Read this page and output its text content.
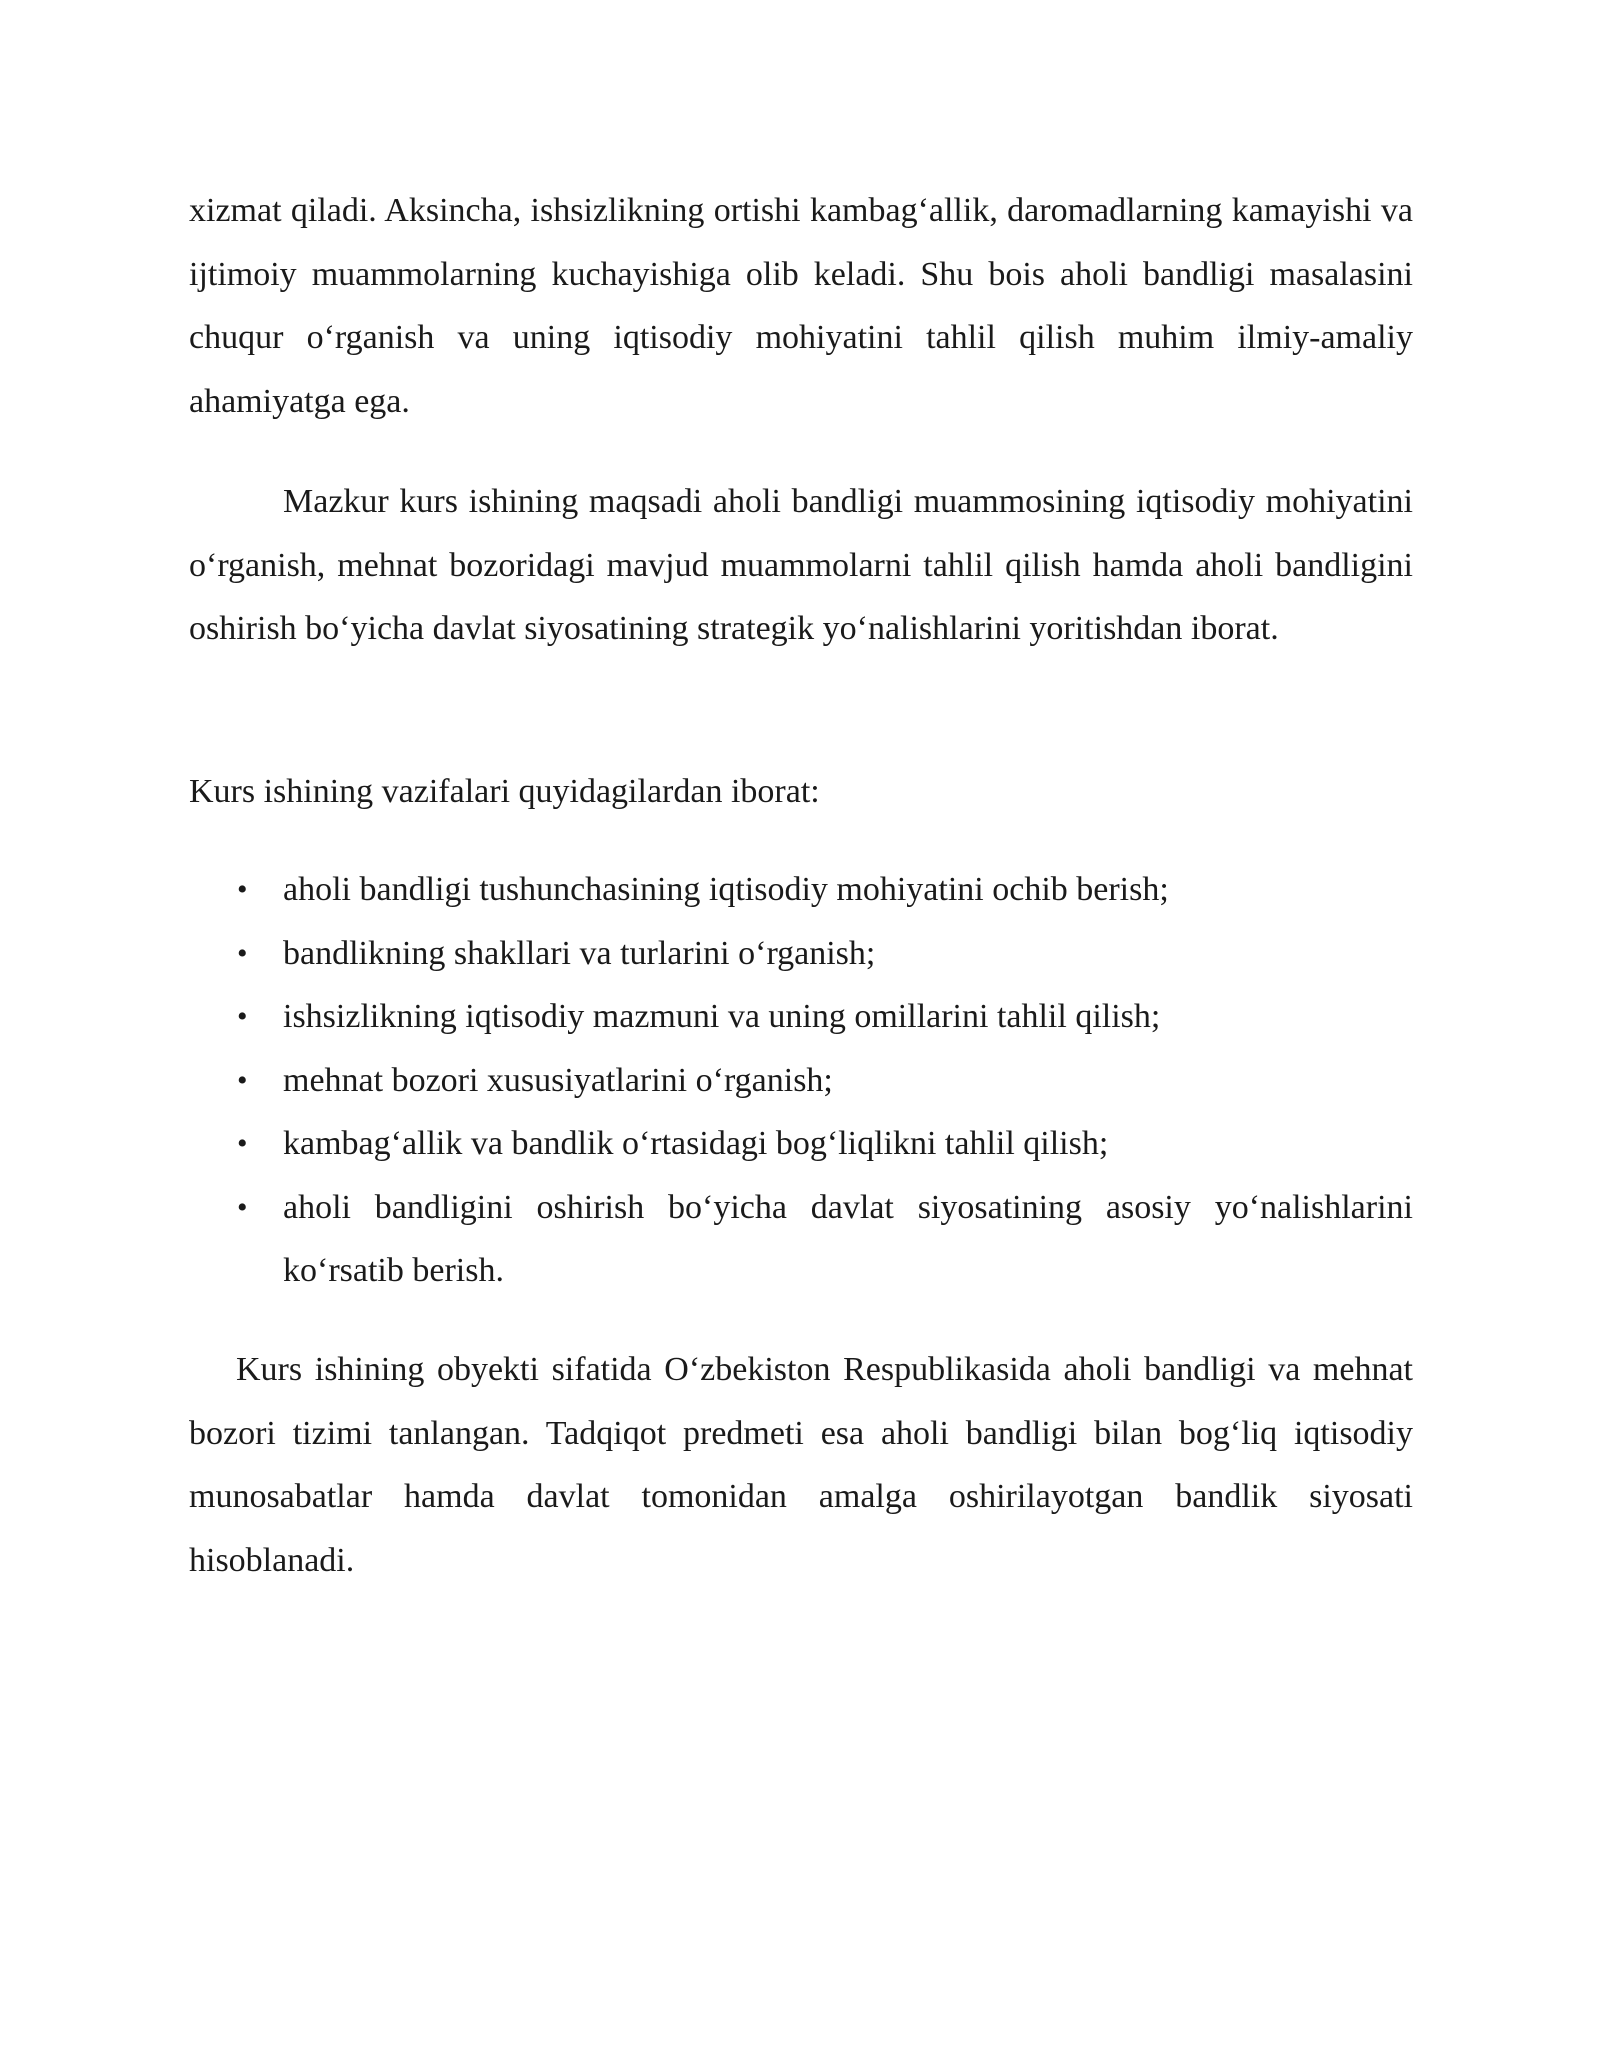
xizmat qiladi. Aksincha, ishsizlikning ortishi kambag‘allik, daromadlarning kamayishi va ijtimoiy muammolarning kuchayishiga olib keladi. Shu bois aholi bandligi masalasini chuqur o‘rganish va uning iqtisodiy mohiyatini tahlil qilish muhim ilmiy-amaliy ahamiyatga ega.

Mazkur kurs ishining maqsadi aholi bandligi muammosining iqtisodiy mohiyatini o‘rganish, mehnat bozoridagi mavjud muammolarni tahlil qilish hamda aholi bandligini oshirish bo‘yicha davlat siyosatining strategik yo‘nalishlarini yoritishdan iborat.

Kurs ishining vazifalari quyidagilardan iborat:

•	aholi bandligi tushunchasining iqtisodiy mohiyatini ochib berish;
•	bandlikning shakllari va turlarini o‘rganish;
•	ishsizlikning iqtisodiy mazmuni va uning omillarini tahlil qilish;
•	mehnat bozori xususiyatlarini o‘rganish;
•	kambag‘allik va bandlik o‘rtasidagi bog‘liqlikni tahlil qilish;
•	aholi bandligini oshirish bo‘yicha davlat siyosatining asosiy yo‘nalishlarini ko‘rsatib berish.

Kurs ishining obyekti sifatida O‘zbekiston Respublikasida aholi bandligi va mehnat bozori tizimi tanlangan. Tadqiqot predmeti esa aholi bandligi bilan bog‘liq iqtisodiy munosabatlar hamda davlat tomonidan amalga oshirilayotgan bandlik siyosati hisoblanadi.
